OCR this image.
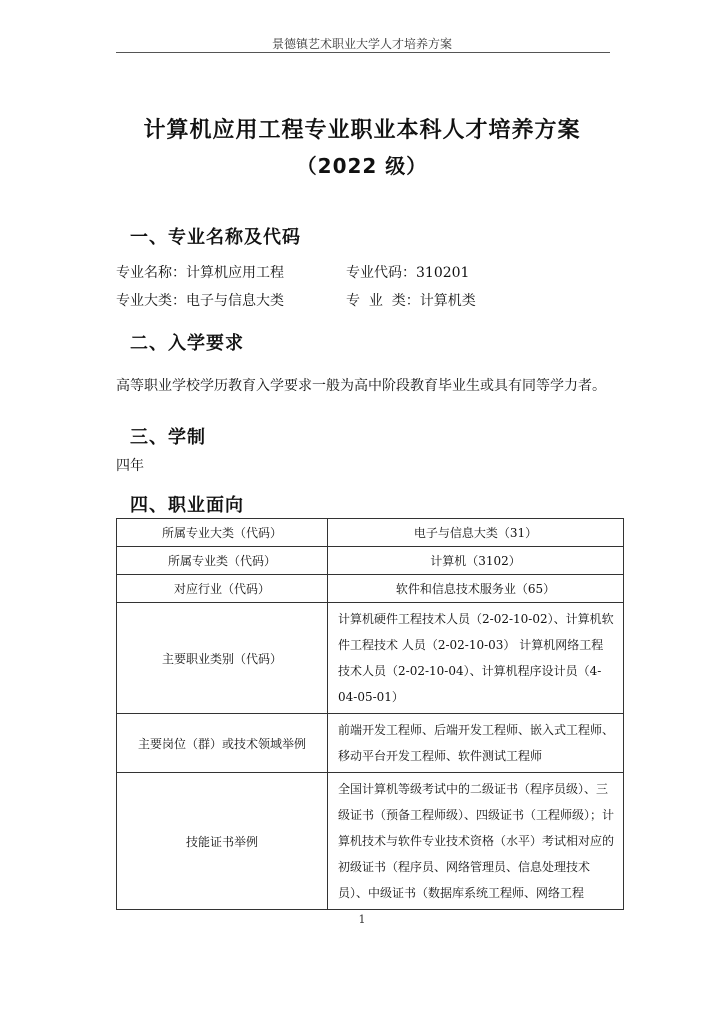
景德镇艺术职业大学人才培养方案
计算机应用工程专业职业本科人才培养方案
（2022 级）
一、专业名称及代码
专业名称：计算机应用工程	专业代码：310201
专业大类：电子与信息大类	专  业  类：计算机类
二、入学要求
高等职业学校学历教育入学要求一般为高中阶段教育毕业生或具有同等学力者。
三、学制
四年
四、职业面向
所属专业大类（代码）	电子与信息大类（31）
所属专业类（代码）	计算机（3102）
对应行业（代码）	软件和信息技术服务业（65）
主要职业类别（代码）	计算机硬件工程技术人员（2-02-10-02）、计算机软件工程技术 人员（2-02-10-03） 计算机网络工程技术人员（2-02-10-04）、计算机程序设计员（4-04-05-01）
主要岗位（群）或技术领域举例	前端开发工程师、后端开发工程师、嵌入式工程师、移动平台开发工程师、软件测试工程师
技能证书举例	全国计算机等级考试中的二级证书（程序员级）、三级证书（预备工程师级）、四级证书（工程师级）；计算机技术与软件专业技术资格（水平）考试相对应的初级证书（程序员、网络管理员、信息处理技术员）、中级证书（数据库系统工程师、网络工程
1
